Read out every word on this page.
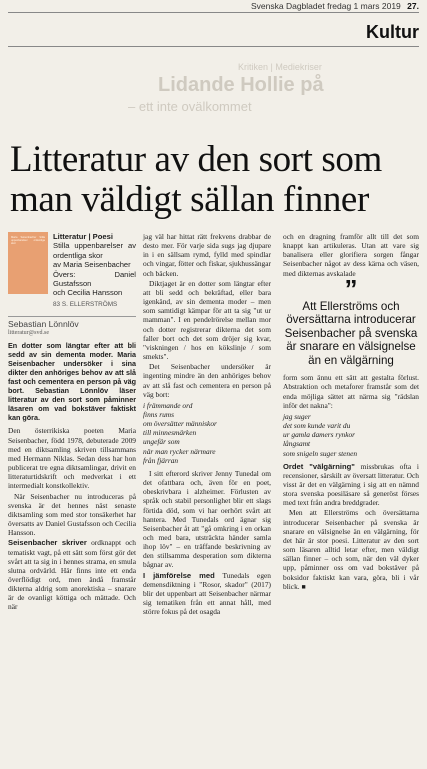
Svenska Dagbladet fredag 1 mars 2019 27.
Kultur
Kritiken | Mediekriser
Lidande Hollie på
– ett inte ovälkommet
Litteratur av den sort som
man väldigt sällan finner
Maria Seisenbacher Stilla uppenbarelser ordentliga skor
Litteratur | Poesi
Stilla uppenbarelser av ordentliga skor
av Maria Seisenbacher
Övers: Daniel Gustafsson
och Cecilia Hansson
83 S. ELLERSTRÖMS
Sebastian Lönnlöv
litteratur@svd.se
En dotter som längtar efter att bli sedd av sin dementa moder. Maria Seisenbacher undersöker i sina dikter den anhöriges behov av att slå fast och cementera en person på väg bort. Sebastian Lönnlöv läser litteratur av den sort som påminner läsaren om vad bokstäver faktiskt kan göra.

Den österrikiska poeten Maria Seisenbacher, född 1978, debuterade 2009 med en diktsamling skriven tillsammans med Hermann Niklas. Sedan dess har hon publicerat tre egna diktsamlingar, drivit en litteraturtidskrift och medverkat i ett intermedialt konstkollektiv.

När Seisenbacher nu introduceras på svenska är det hennes näst senaste diktsamling som med stor tonsäkerhet har översatts av Daniel Gustafsson och Cecilia Hansson.

Seisenbacher skriver ordknappt och tematiskt vagt, på ett sätt som först gör det svårt att ta sig in i hennes strama, en smula slutna ordvärld. Här finns inte ett enda överflödigt ord, men ändå framstår dikterna aldrig som anorektiska – snarare är de ovanligt köttiga och mättade. Och när

jag väl har hittat rätt frekvens drabbar de desto mer. För varje sida sugs jag djupare in i en sällsam rymd, fylld med spindlar och vingar, fötter och fiskar, sjukhussängar och bäcken.

Diktjaget är en dotter som längtar efter att bli sedd och bekräftad, eller bara igenkänd, av sin dementa moder – men som samtidigt kämpar för att ta sig "ut ur mamman". I en pendelrörelse mellan mor och dotter registrerar dikterna det som faller bort och det som dröjer sig kvar, "viskningen / hos en kökslinje / som smekts".

Det Seisenbacher undersöker är ingenting mindre än den anhöriges behov av att slå fast och cementera en person på väg bort:

i främmande ord
finns rums
om översätter människor
till minnesmärken
ungefär som
när man rycker närmare
från fjärran

I sitt efterord skriver Jenny Tunedal om det ofattbara och, även för en poet, obeskrivbara i alzheimer. Förlusten av språk och stabil personlighet blir ett slags förtida död, som vi har oerhört svårt att hantera. Med Tunedals ord ägnar sig Seisenbacher åt att "gå omkring i en orkan och med bara, utsträckta händer samla ihop löv" – en träffande beskrivning av den stillsamma desperation som dikterna bågnar av.

I jämförelse med Tunedals egen demensdiktning i "Rosor, skador" (2017) blir det uppenbart att Seisenbacher närmar sig tematiken från ett annat håll, med större fokus på det osagda

och en dragning framför allt till det som knappt kan artikuleras. Utan att vare sig banalisera eller glorifiera sorgen fångar Seisenbacher något av dess kärna och väsen, med dikternas avskalade

”
Att Ellerströms och översättarna introducerar Seisenbacher på svenska är snarare en välsignelse än en välgärning

form som ännu ett sätt att gestalta förlust. Abstraktion och metaforer framstår som det enda möjliga sättet att närma sig "rädslan inför det nakna":

jag suger
det som kunde varit du
ur gamla damers rynkor
långsamt
som snigeln suger stenen

Ordet "välgärning" missbrukas ofta i recensioner, särskilt av översatt litteratur. Och visst är det en välgärning i sig att en nämnd stora svenska poesiläsare så generöst förses med text från andra breddgrader.

Men att Ellerströms och översättarna introducerar Seisenbacher på svenska är snarare en välsignelse än en välgärning, för det här är stor poesi. Litteratur av den sort som läsaren alltid letar efter, men väldigt sällan finner – och som, när den väl dyker upp, påminner oss om vad bokstäver på boksidor faktiskt kan vara, göra, bli i vår blick. ■
